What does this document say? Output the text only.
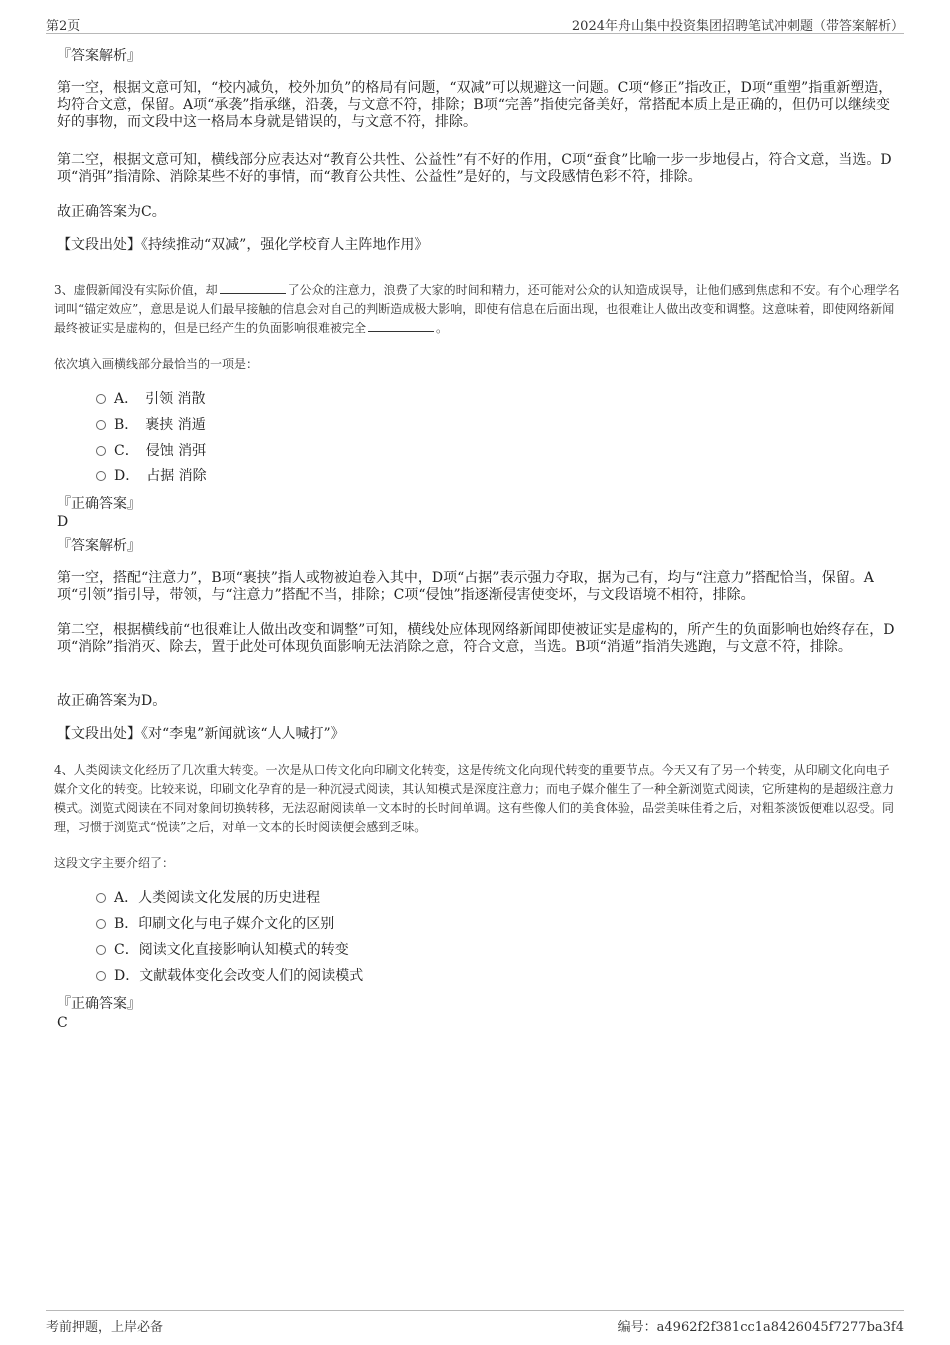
第2页	2024年舟山集中投资集团招聘笔试冲刺题（带答案解析）
『答案解析』
第一空，根据文意可知，“校内减负，校外加负”的格局有问题，“双减”可以规避这一问题。C项“修正”指改正，D项“重塑”指重新塑造，均符合文意，保留。A项“承袭”指承继，沿袭，与文意不符，排除；B项“完善”指使完备美好，常搭配本质上是正确的，但仍可以继续变好的事物，而文段中这一格局本身就是错误的，与文意不符，排除。
第二空，根据文意可知，横线部分应表达对“教育公共性、公益性”有不好的作用，C项“蚕食”比喻一步一步地侵占，符合文意，当选。D项“消弭”指清除、消除某些不好的事情，而“教育公共性、公益性”是好的，与文段感情色彩不符，排除。
故正确答案为C。
【文段出处】《持续推动“双减”，强化学校育人主阵地作用》
3、虚假新闻没有实际价值，却	了公众的注意力，浪费了大家的时间和精力，还可能对公众的认知造成误导，让他们感到焦虑和不安。有个心理学名词叫“锚定效应”，意思是说人们最早接触的信息会对自己的判断造成极大影响，即使有信息在后面出现，也很难让人做出改变和调整。这意味着，即使网络新闻最终被证实是虚构的，但是已经产生的负面影响很难被完全	。
依次填入画横线部分最恰当的一项是：
A．　引领 消散
B．　裹挟 消遁
C．　侵蚀 消弭
D．　占据 消除
『正确答案』
D
『答案解析』
第一空，搭配“注意力”，B项“裹挟”指人或物被迫卷入其中，D项“占据”表示强力夺取，据为己有，均与“注意力”搭配恰当，保留。A项“引领”指引导，带领，与“注意力”搭配不当，排除；C项“侵蚀”指逐渐侵害使变坏，与文段语境不相符，排除。
第二空，根据横线前“也很难让人做出改变和调整”可知，横线处应体现网络新闻即使被证实是虚构的，所产生的负面影响也始终存在，D项“消除”指消灭、除去，置于此处可体现负面影响无法消除之意，符合文意，当选。B项“消遁”指消失逃跑，与文意不符，排除。
故正确答案为D。
【文段出处】《对“李鬼”新闻就该“人人喊打”》
4、人类阅读文化经历了几次重大转变。一次是从口传文化向印刷文化转变，这是传统文化向现代转变的重要节点。今天又有了另一个转变，从印刷文化向电子媒介文化的转变。比较来说，印刷文化孕育的是一种沉浸式阅读，其认知模式是深度注意力；而电子媒介催生了一种全新浏览式阅读，它所建构的是超级注意力模式。浏览式阅读在不同对象间切换转移，无法忍耐阅读单一文本时的长时间单调。这有些像人们的美食体验，品尝美味佳肴之后，对粗茶淡饭便难以忍受。同理，习惯于浏览式“悦读”之后，对单一文本的长时阅读便会感到乏味。
这段文字主要介绍了：
A．人类阅读文化发展的历史进程
B．印刷文化与电子媒介文化的区别
C．阅读文化直接影响认知模式的转变
D．文献载体变化会改变人们的阅读模式
『正确答案』
C
考前押题，上岸必备	编号：a4962f2f381cc1a8426045f7277ba3f4
